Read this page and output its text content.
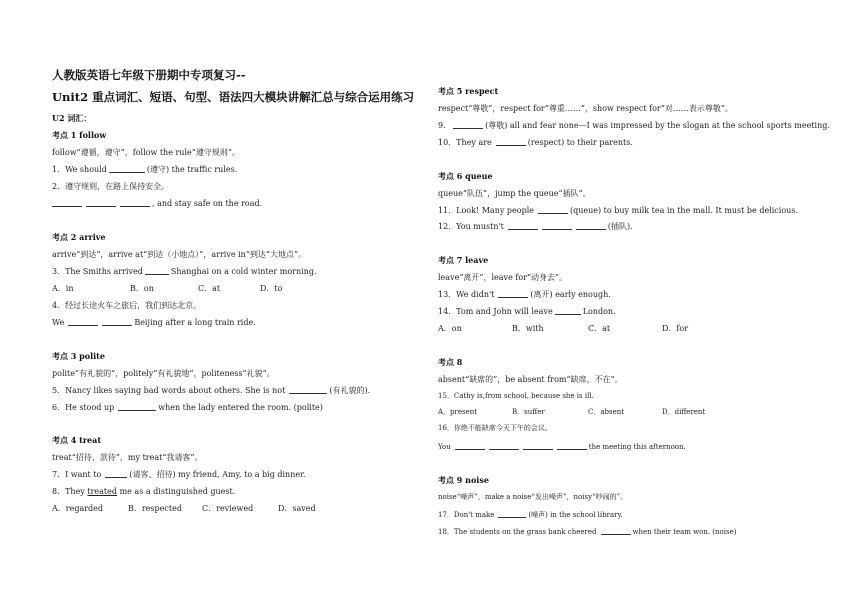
人教版英语七年级下册期中专项复习--
Unit2 重点词汇、短语、句型、语法四大模块讲解汇总与综合运用练习
U2 词汇：
考点 1 follow
follow“遵循，遵守”，follow the rule“遵守规则”。
1．We should	(遵守) the traffic rules.
2．遵守规则，在路上保持安全。
, and stay safe on the road.
考点 2 arrive
arrive“到达”，arrive at“到达（小地点）”，arrive in“到达“大地点”。
3．The Smiths arrived	Shanghai on a cold winter morning.
A．in	B．on	C．at	D．to
4．经过长途火车之旅后，我们到达北京。
We	Beijing after a long train ride.
考点 3 polite
polite“有礼貌的”，politely“有礼貌地”，politeness“礼貌”。
5．Nancy likes saying bad words about others. She is not	(有礼貌的).
6．He stood up	when the lady entered the room. (polite)
考点 4 treat
treat“招待，款待”，my treat“我请客”。
7．I want to	(请客、招待) my friend, Amy, to a big dinner.
8．They treated me as a distinguished guest.
A．regarded	B．respected	C．reviewed	D．saved
考点 5 respect
respect“尊敬”，respect for“尊重……”，show respect for“对……表示尊敬”。
9．	(尊敬) all and fear none—I was impressed by the slogan at the school sports meeting.
10．They are	(respect) to their parents.
考点 6 queue
queue“队伍”，jump the queue“插队”。
11．Look! Many people	(queue) to buy milk tea in the mall. It must be delicious.
12．You mustn't	(插队).
考点 7 leave
leave“离开”，leave for“动身去”。
13．We didn't	(离开) early enough.
14．Tom and John will leave	London.
A．on	B．with	C．at	D．for
考点 8
absent“缺席的”，be absent from“缺席，不在”。
15．Cathy is,from school, because she is ill.
A．present	B．suffer	C．absent	D．different
16．你绝不能缺席今天下午的会议。
You	the meeting this afternoon.
考点 9 noise
noise“噪声”，make a noise“发出噪声”，noisy“吵闹的”。
17．Don't make	(噪声) in the school library.
18．The students on the grass bank cheered	when their team won. (noise)
